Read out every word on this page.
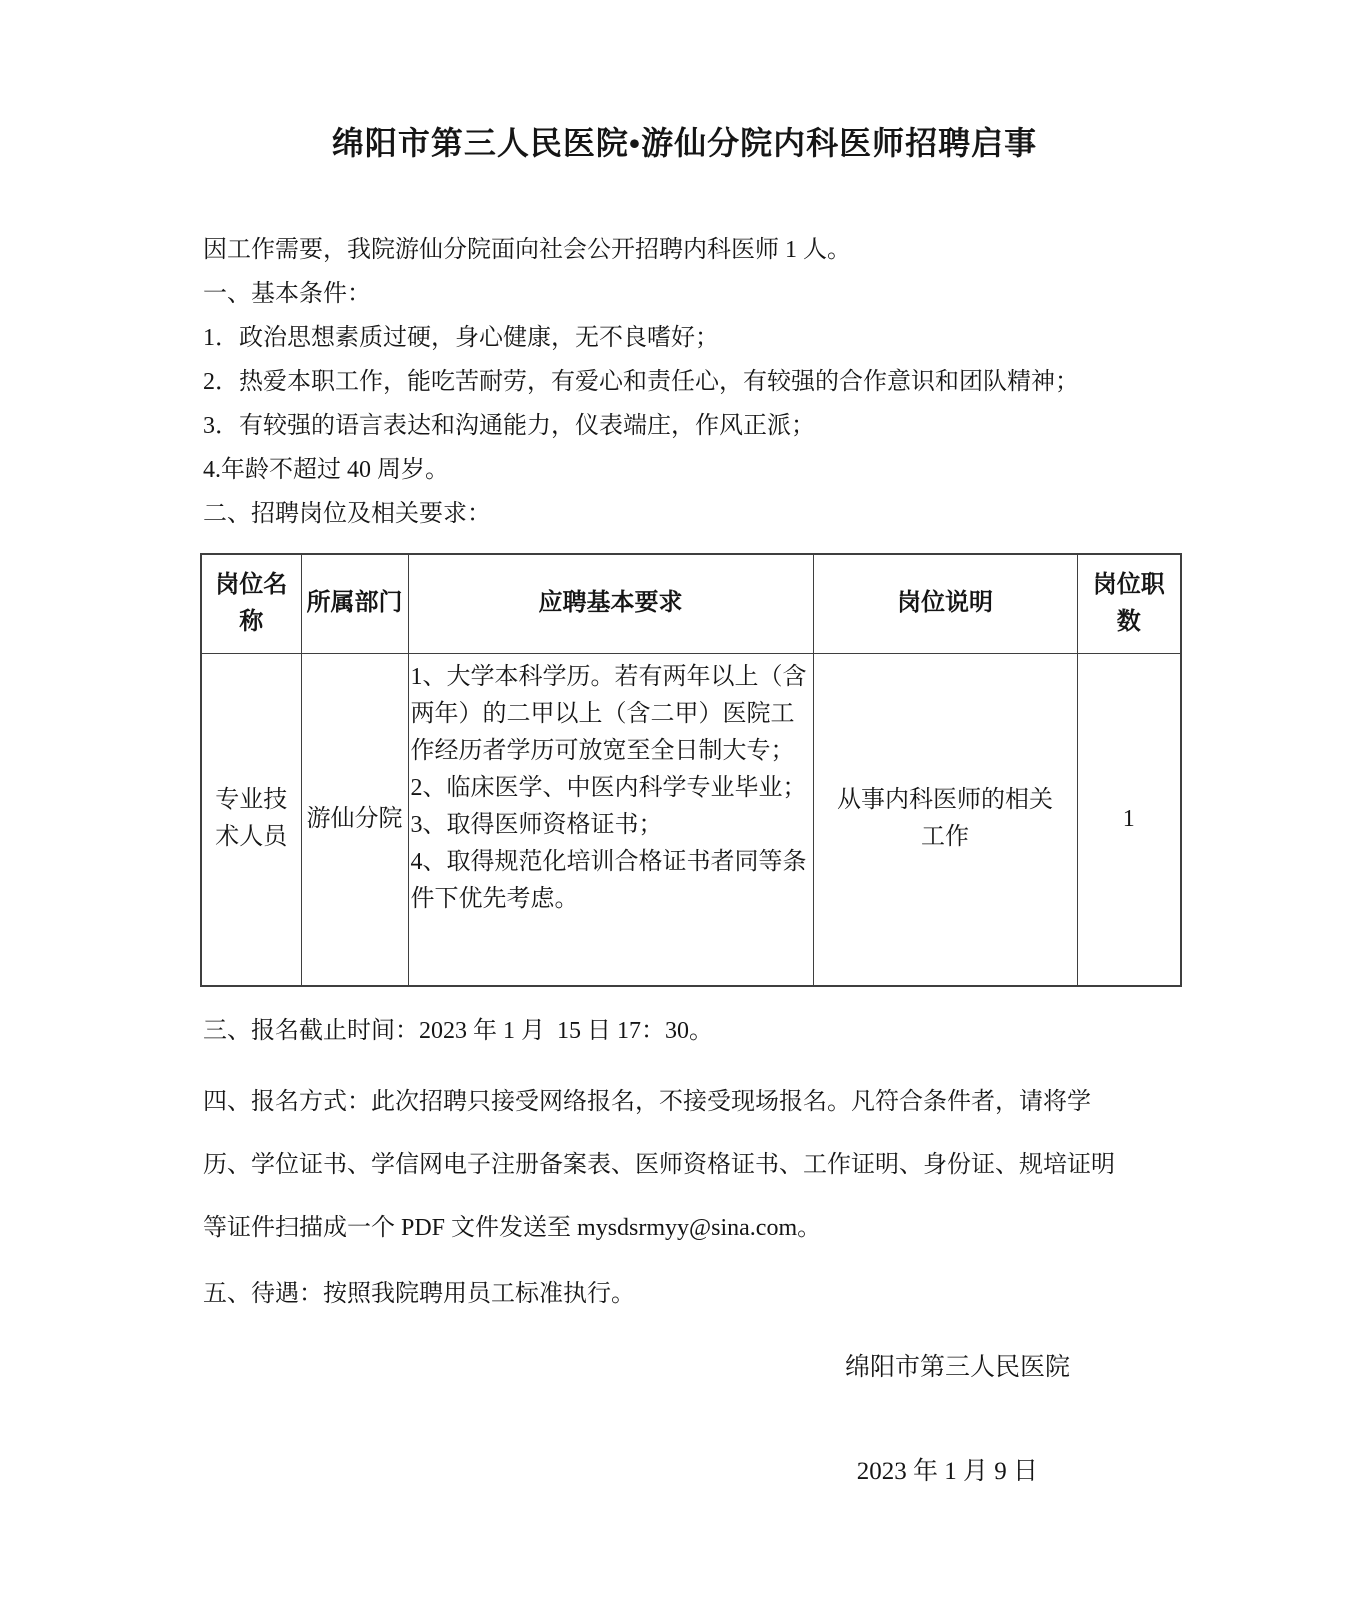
绵阳市第三人民医院•游仙分院内科医师招聘启事

因工作需要，我院游仙分院面向社会公开招聘内科医师 1 人。

一、基本条件：

1．政治思想素质过硬，身心健康，无不良嗜好；

2．热爱本职工作，能吃苦耐劳，有爱心和责任心，有较强的合作意识和团队精神；

3．有较强的语言表达和沟通能力，仪表端庄，作风正派；

4.年龄不超过 40 周岁。

二、招聘岗位及相关要求：

岗位名称	所属部门	应聘基本要求	岗位说明	岗位职数
专业技术人员	游仙分院	1、大学本科学历。若有两年以上（含两年）的二甲以上（含二甲）医院工作经历者学历可放宽至全日制大专；
2、临床医学、中医内科学专业毕业；
3、取得医师资格证书；
4、取得规范化培训合格证书者同等条件下优先考虑。	从事内科医师的相关工作	1

三、报名截止时间：2023 年 1 月  15 日 17：30。

四、报名方式：此次招聘只接受网络报名，不接受现场报名。凡符合条件者，请将学历、学位证书、学信网电子注册备案表、医师资格证书、工作证明、身份证、规培证明等证件扫描成一个 PDF 文件发送至 mysdsrmyy@sina.com。

五、待遇：按照我院聘用员工标准执行。

绵阳市第三人民医院

2023 年 1 月 9 日
